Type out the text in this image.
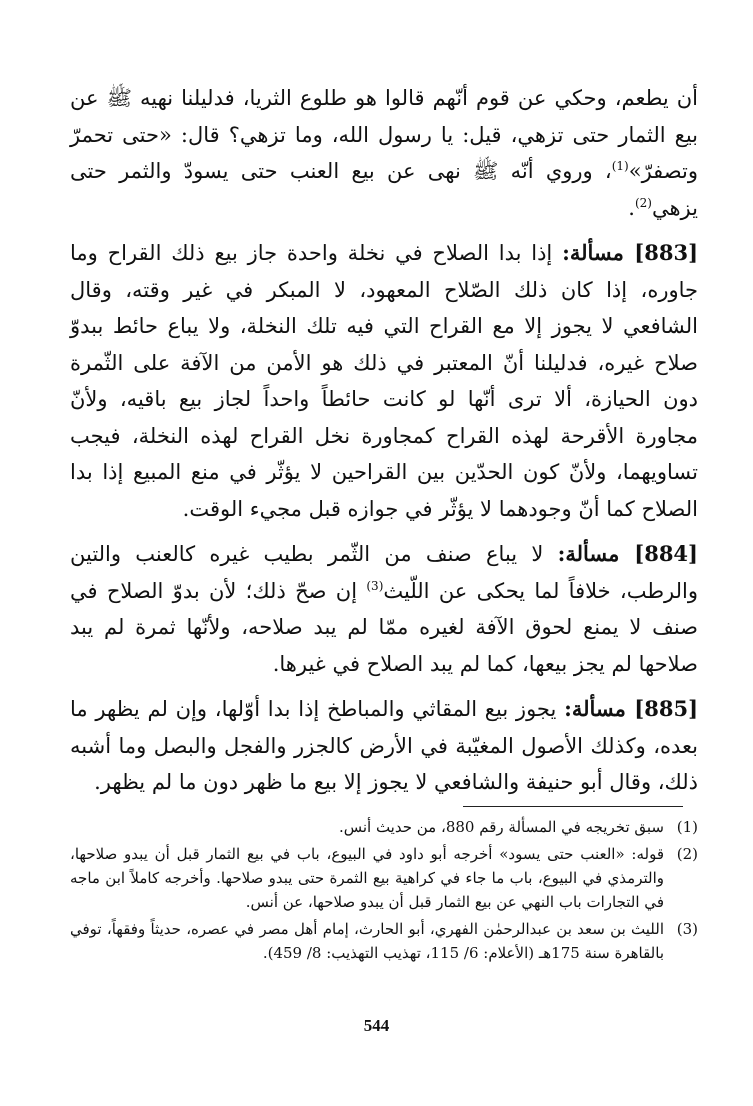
أن يطعم، وحكي عن قوم أنّهم قالوا هو طلوع الثريا، فدليلنا نهيه ﷺ عن بيع الثمار حتى تزهي، قيل: يا رسول الله، وما تزهي؟ قال: «حتى تحمرّ وتصفرّ»$^{(1)}$، وروي أنّه ﷺ نهى عن بيع العنب حتى يسودّ والثمر حتى يزهي$^{(2)}$.

[883] مسألة: إذا بدا الصلاح في نخلة واحدة جاز بيع ذلك القراح وما جاوره، إذا كان ذلك الصّلاح المعهود، لا المبكر في غير وقته، وقال الشافعي لا يجوز إلا مع القراح التي فيه تلك النخلة، ولا يباع حائط ببدوّ صلاح غيره، فدليلنا أنّ المعتبر في ذلك هو الأمن من الآفة على الثّمرة دون الحيازة، ألا ترى أنّها لو كانت حائطاً واحداً لجاز بيع باقيه، ولأنّ مجاورة الأقرحة لهذه القراح كمجاورة نخل القراح لهذه النخلة، فيجب تساويهما، ولأنّ كون الحدّين بين القراحين لا يؤثّر في منع المبيع إذا بدا الصلاح كما أنّ وجودهما لا يؤثّر في جوازه قبل مجيء الوقت.

[884] مسألة: لا يباع صنف من الثّمر بطيب غيره كالعنب والتين والرطب، خلافاً لما يحكى عن اللّيث$^{(3)}$ إن صحّ ذلك؛ لأن بدوّ الصلاح في صنف لا يمنع لحوق الآفة لغيره ممّا لم يبد صلاحه، ولأنّها ثمرة لم يبد صلاحها لم يجز بيعها، كما لم يبد الصلاح في غيرها.

[885] مسألة: يجوز بيع المقاثي والمباطخ إذا بدا أوّلها، وإن لم يظهر ما بعده، وكذلك الأصول المغيّبة في الأرض كالجزر والفجل والبصل وما أشبه ذلك، وقال أبو حنيفة والشافعي لا يجوز إلا بيع ما ظهر دون ما لم يظهر.

(1)
سبق تخريجه في المسألة رقم 880، من حديث أنس.
(2)
قوله: «العنب حتى يسود» أخرجه أبو داود في البيوع، باب في بيع الثمار قبل أن يبدو صلاحها، والترمذي في البيوع، باب ما جاء في كراهية بيع الثمرة حتى يبدو صلاحها. وأخرجه كاملاً ابن ماجه في التجارات باب النهي عن بيع الثمار قبل أن يبدو صلاحها، عن أنس.
(3)
الليث بن سعد بن عبدالرحمٰن الفهري، أبو الحارث، إمام أهل مصر في عصره، حديثاً وفقهاً، توفي بالقاهرة سنة 175هـ (الأعلام: 6/ 115، تهذيب التهذيب: 8/ 459).
544
